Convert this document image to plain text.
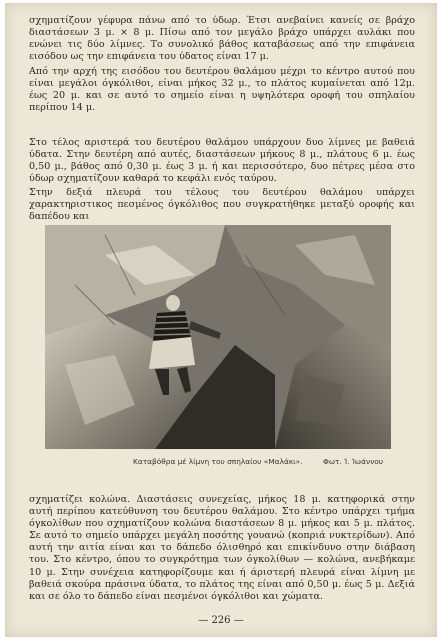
σχηματίζουν γέφυρα πάνω από το ύδωρ. Έτσι ανεβαίνει κανείς σε βράχο διαστάσεων 3 μ. × 8 μ. Πίσω από τον μεγάλο βράχο υπάρχει αυλάκι που ενώνει τις δύο λίμνες. Το συνολικό βάθος καταβάσεως από την επιφάνεια εισόδου ως την επιφάνεια του ύδατος είναι 17 μ.

Από την αρχή της εισόδου του δευτέρου θαλάμου μέχρι το κέντρο αυτού που είναι μεγάλοι όγκόλιθοι, είναι μήκος 32 μ., το πλάτος κυμαίνεται από 12μ. έως 20 μ. και σε αυτό το σημείο είναι η υψηλότερα οροφή του σπηλαίου περίπου 14 μ.

Στο τέλος αριστερά του δευτέρου θαλάμου υπάρχουν δυο λίμνες με βαθειά ύδατα. Στην δευτέρη από αυτές, διαστάσεων μήκους 8 μ., πλάτους 6 μ. έως 0,50 μ., βάθος από 0,30 μ. έως 3 μ. ή και περισσότερο, δυο πέτρες μέσα στο ύδωρ σχηματίζουν καθαρά το κεφάλι ενός ταύρου.

Στην δεξιά πλευρά του τέλους του δευτέρου θαλάμου υπάρχει χαρακτηριστικος πεσμένος όγκόλιθος που συγκρατήθηκε μεταξύ οροφής και δαπέδου και

Καταβόθρα μέ λίμνη του σπηλαίου «Μαλάκι».	Φωτ. Ί. Ίωάννου

σχηματίζει κολώνα. Διαστάσεις συνεχείας, μήκος 18 μ. κατηφορικά στην αυτή περίπου κατεύθυνση του δευτέρου θαλάμου. Στο κέντρο υπάρχει τμήμα όγκολίθων που σχηματίζουν κολώνα διαστάσεων 8 μ. μήκος και 5 μ. πλάτος. Σε αυτό το σημείο υπάρχει μεγάλη ποσότης γουανώ (κοπριά νυκτερίδων). Από αυτή την αιτία είναι και το δάπεδο όλισθηρό και επικίνδυνο στην διάβαση του. Στο κέντρο, όπου το συγκρότημα των όγκολίθων — κολώνα, ανεβήκαμε 10 μ. Στην συνέχεια κατηφορίζουμε και ή άριστερή πλευρά είναι λίμνη με βαθειά σκούρα πράσινα ύδατα, το πλάτος της είναι από 0,50 μ. έως 5 μ. Δεξιά και σε όλο το δάπεδο είναι πεσμένοι όγκόλιθοι και χώματα.

— 226 —
